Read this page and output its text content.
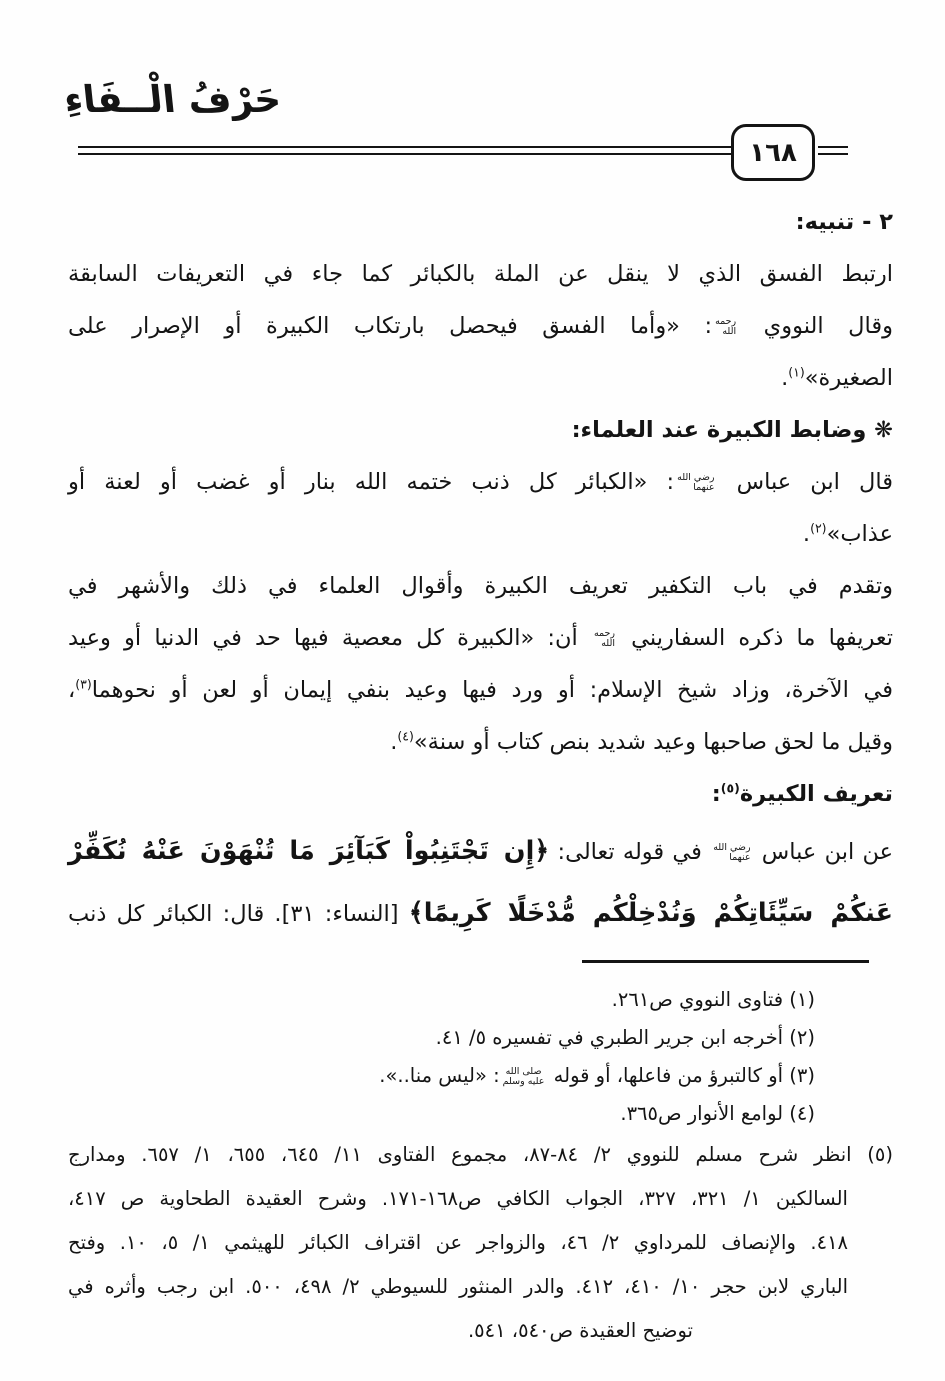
حَرْفُ الْــفَاءِ
١٦٨
٢ - تنبيه:
ارتبط الفسق الذي لا ينقل عن الملة بالكبائر كما جاء في التعريفات السابقة
وقال النووي
رحمه
الله
: «وأما الفسق فيحصل بارتكاب الكبيرة أو الإصرار على
الصغيرة»$^{(١)}$.
❋ وضابط الكبيرة عند العلماء:
قال ابن عباس
رضي الله
عنهما
: «الكبائر كل ذنب ختمه الله بنار أو غضب أو لعنة أو
عذاب»$^{(٢)}$.
وتقدم في باب التكفير تعريف الكبيرة وأقوال العلماء في ذلك والأشهر في
تعريفها ما ذكره السفاريني
رحمه
الله
أن: «الكبيرة كل معصية فيها حد في الدنيا أو وعيد
في الآخرة، وزاد شيخ الإسلام: أو ورد فيها وعيد بنفي إيمان أو لعن أو نحوهما$^{(٣)}$،
وقيل ما لحق صاحبها وعيد شديد بنص كتاب أو سنة»$^{(٤)}$.
تعريف الكبيرة$^{(٥)}$:
عن ابن عباس
رضي الله
عنهما
في قوله تعالى: ﴿إِن تَجْتَنِبُواْ كَبَآئِرَ مَا تُنْهَوْنَ عَنْهُ نُكَفِّرْ
عَنكُمْ سَيِّئَاتِكُمْ وَنُدْخِلْكُم مُّدْخَلًا كَرِيمًا﴾ [النساء: ٣١]. قال: الكبائر كل ذنب
(١) فتاوى النووي ص٢٦١.
(٢) أخرجه ابن جرير الطبري في تفسيره ٥/ ٤١.
(٣) أو كالتبرؤ من فاعلها، أو قوله
صلى الله
عليه وسلم
: «ليس منا..».
(٤) لوامع الأنوار ص٣٦٥.
(٥) انظر شرح مسلم للنووي ٢/ ٨٤-٨٧، مجموع الفتاوى ١١/ ٦٤٥، ٦٥٥، ١/ ٦٥٧. ومدارج
السالكين ١/ ٣٢١، ٣٢٧، الجواب الكافي ص١٦٨-١٧١. وشرح العقيدة الطحاوية ص ٤١٧،
٤١٨. والإنصاف للمرداوي ٢/ ٤٦، والزواجر عن اقتراف الكبائر للهيثمي ١/ ٥، ١٠. وفتح
الباري لابن حجر ١٠/ ٤١٠، ٤١٢. والدر المنثور للسيوطي ٢/ ٤٩٨، ٥٠٠. ابن رجب وأثره في
توضيح العقيدة ص٥٤٠، ٥٤١.
